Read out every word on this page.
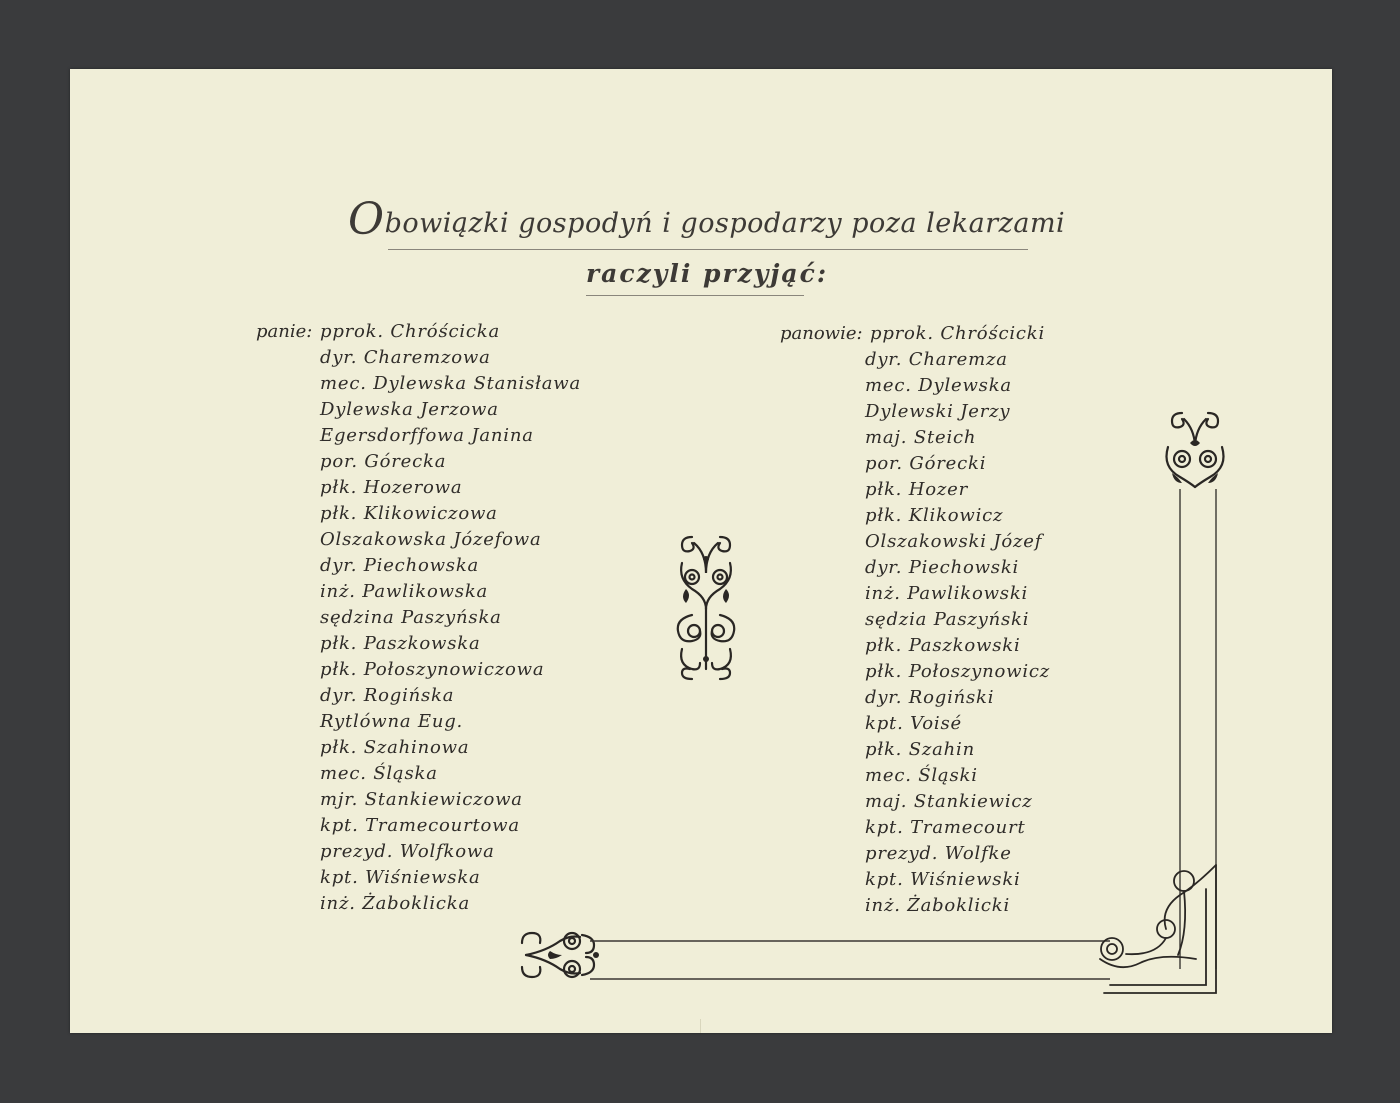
Obowiązki gospodyń i gospodarzy poza lekarzami
raczyli przyjąć:
panie: pprok. Chróścicka
dyr. Charemzowa
mec. Dylewska Stanisława
Dylewska Jerzowa
Egersdorffowa Janina
por. Górecka
płk. Hozerowa
płk. Klikowiczowa
Olszakowska Józefowa
dyr. Piechowska
inż. Pawlikowska
sędzina Paszyńska
płk. Paszkowska
płk. Połoszynowiczowa
dyr. Rogińska
Rytlówna Eug.
płk. Szahinowa
mec. Śląska
mjr. Stankiewiczowa
kpt. Tramecourtowa
prezyd. Wolfkowa
kpt. Wiśniewska
inż. Żaboklicka
panowie: pprok. Chróścicki
dyr. Charemza
mec. Dylewska
Dylewski Jerzy
maj. Steich
por. Górecki
płk. Hozer
płk. Klikowicz
Olszakowski Józef
dyr. Piechowski
inż. Pawlikowski
sędzia Paszyński
płk. Paszkowski
płk. Połoszynowicz
dyr. Rogiński
kpt. Voisé
płk. Szahin
mec. Śląski
maj. Stankiewicz
kpt. Tramecourt
prezyd. Wolfke
kpt. Wiśniewski
inż. Żaboklicki
